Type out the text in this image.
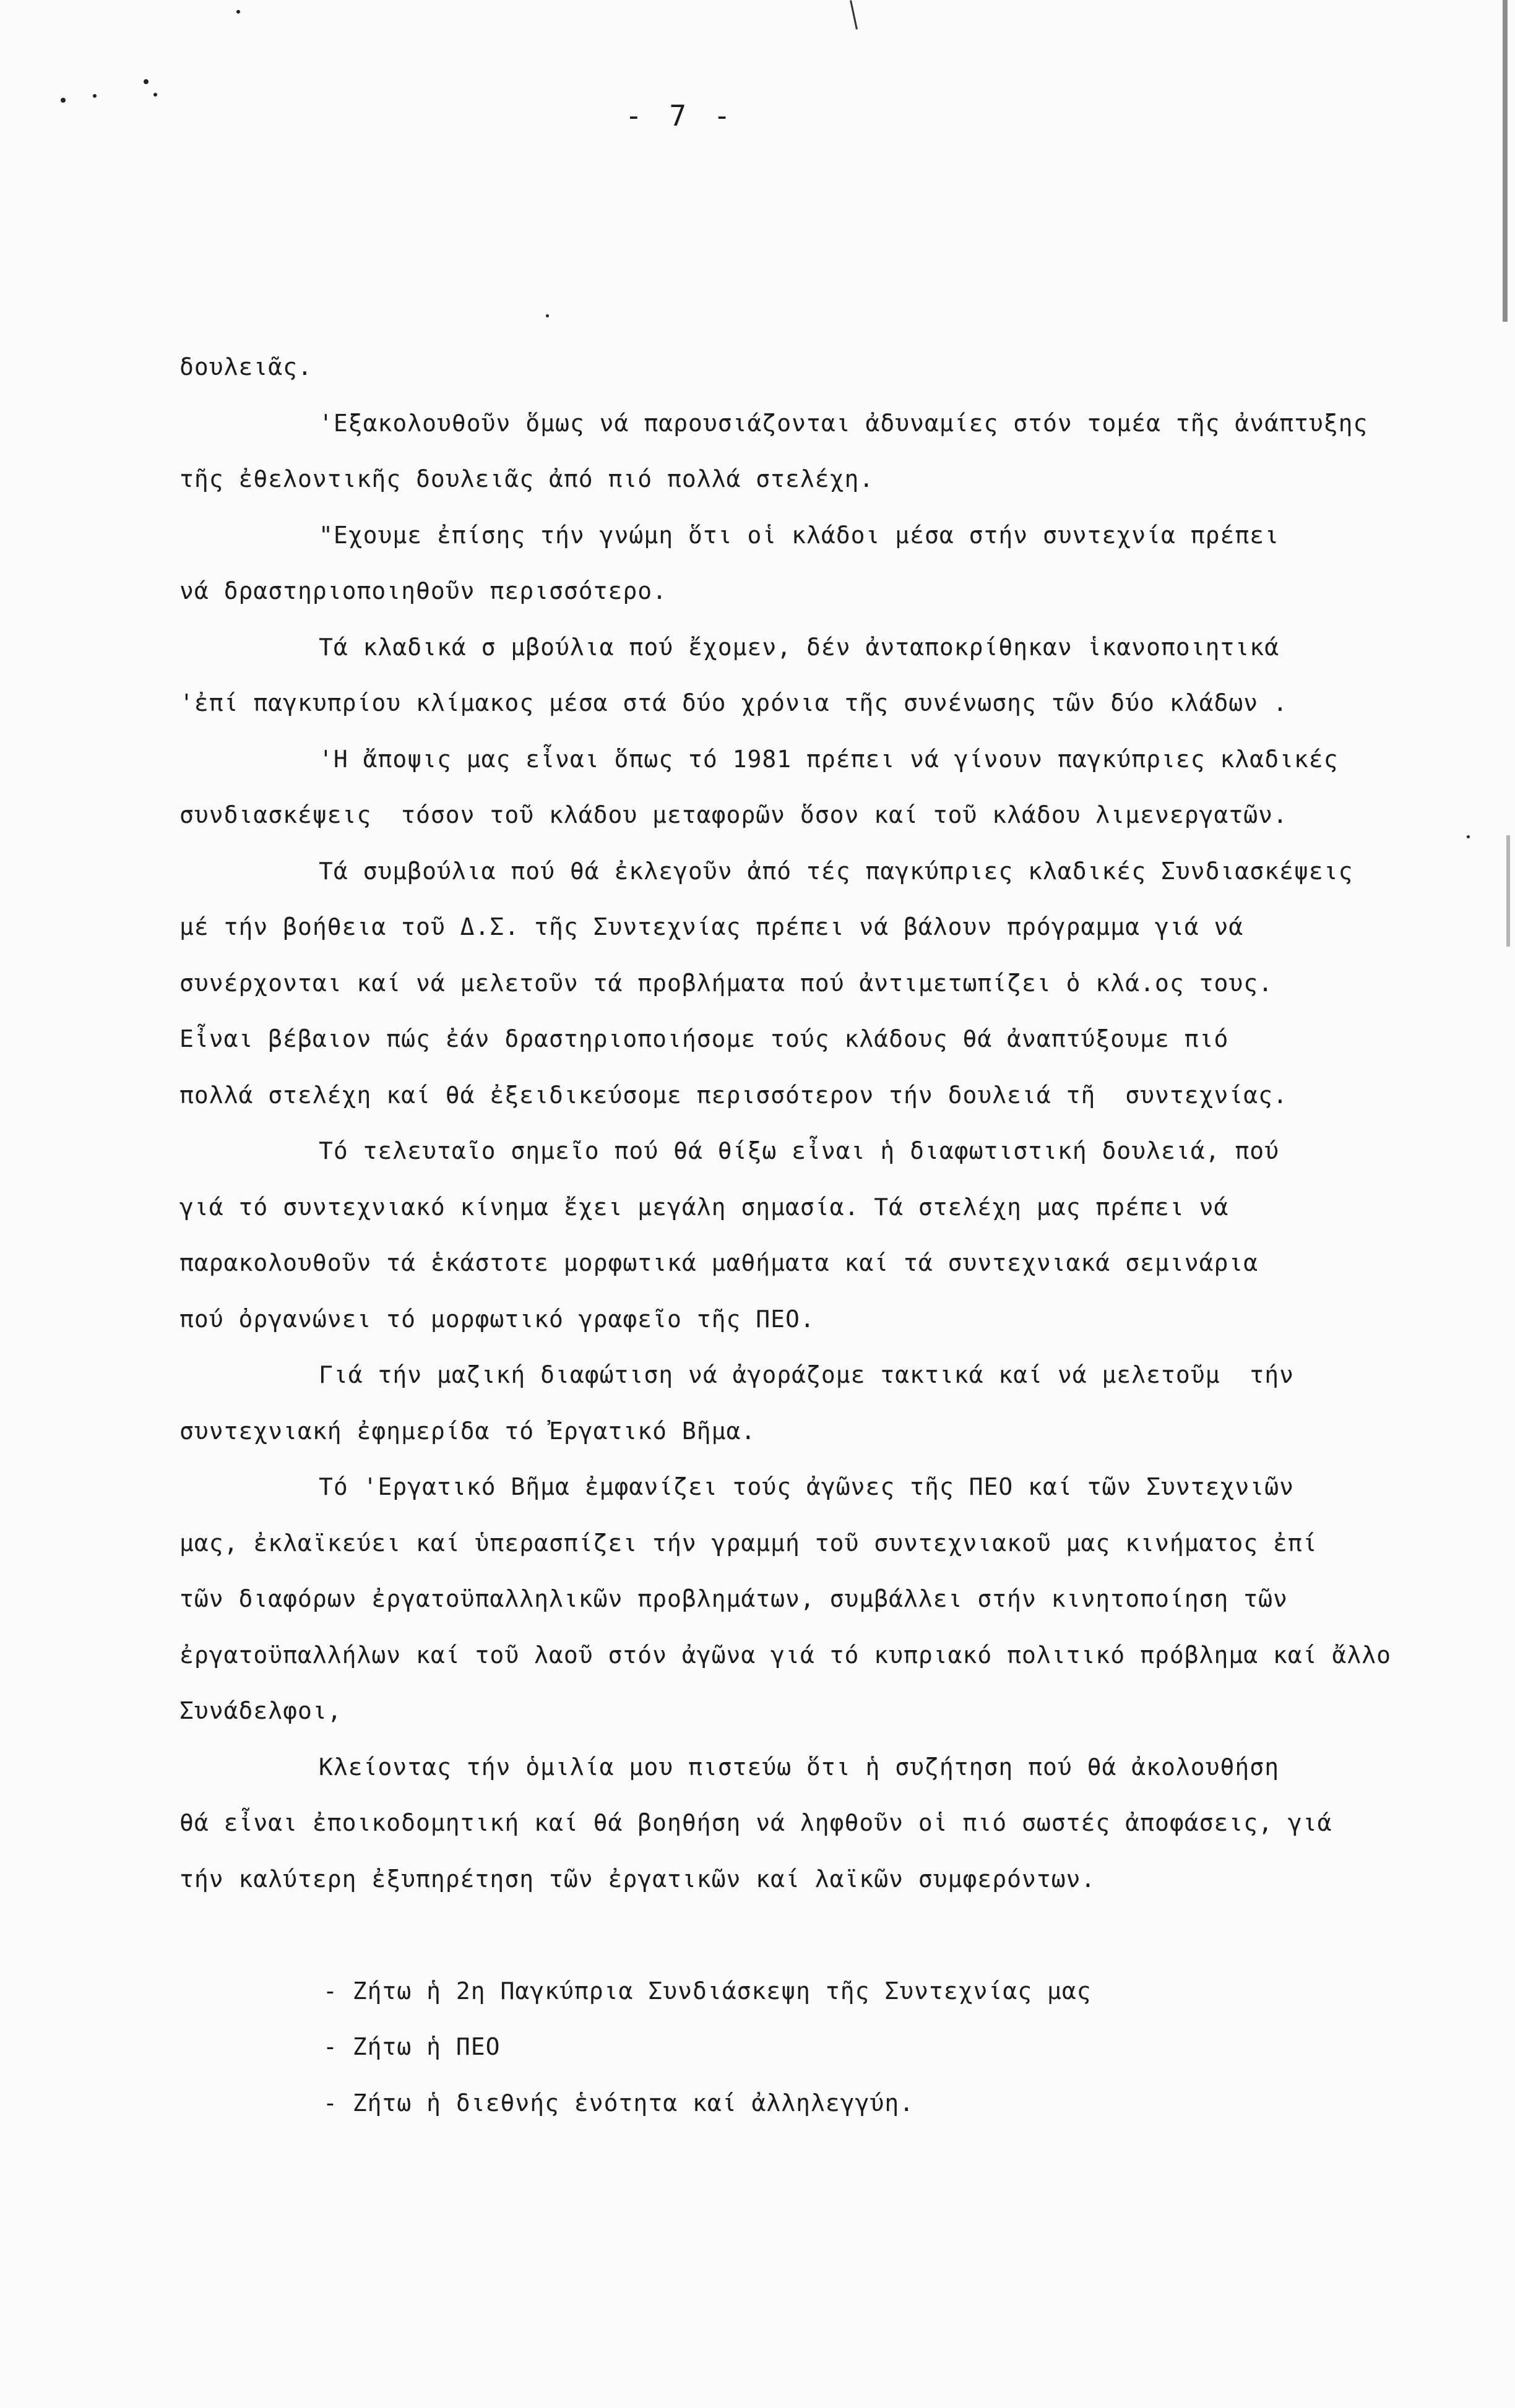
- 7 -
δουλειᾶς.
'Εξακολουθοῦν ὅμως νά παρουσιάζονται ἀδυναμίες στόν τομέα τῆς ἀνάπτυξης
τῆς ἐθελοντικῆς δουλειᾶς ἀπό πιό πολλά στελέχη.
"Εχουμε ἐπίσης τήν γνώμη ὅτι οἱ κλάδοι μέσα στήν συντεχνία πρέπει
νά δραστηριοποιηθοῦν περισσότερο.
Τά κλαδικά σ μβούλια πού ἔχομεν, δέν ἀνταποκρίθηκαν ἱκανοποιητικά
'ἐπί παγκυπρίου κλίμακος μέσα στά δύο χρόνια τῆς συνένωσης τῶν δύο κλάδων .
'Η ἄποψις μας εἶναι ὅπως τό 1981 πρέπει νά γίνουν παγκύπριες κλαδικές
συνδιασκέψεις  τόσον τοῦ κλάδου μεταφορῶν ὅσον καί τοῦ κλάδου λιμενεργατῶν.
Τά συμβούλια πού θά ἐκλεγοῦν ἀπό τές παγκύπριες κλαδικές Συνδιασκέψεις
μέ τήν βοήθεια τοῦ Δ.Σ. τῆς Συντεχνίας πρέπει νά βάλουν πρόγραμμα γιά νά
συνέρχονται καί νά μελετοῦν τά προβλήματα πού ἀντιμετωπίζει ὁ κλά.ος τους.
Εἶναι βέβαιον πώς ἐάν δραστηριοποιήσομε τούς κλάδους θά ἀναπτύξουμε πιό
πολλά στελέχη καί θά ἐξειδικεύσομε περισσότερον τήν δουλειά τῆ  συντεχνίας.
Τό τελευταῖο σημεῖο πού θά θίξω εἶναι ἡ διαφωτιστική δουλειά, πού
γιά τό συντεχνιακό κίνημα ἔχει μεγάλη σημασία. Τά στελέχη μας πρέπει νά
παρακολουθοῦν τά ἑκάστοτε μορφωτικά μαθήματα καί τά συντεχνιακά σεμινάρια
πού ὀργανώνει τό μορφωτικό γραφεῖο τῆς ΠΕΟ.
Γιά τήν μαζική διαφώτιση νά ἀγοράζομε τακτικά καί νά μελετοῦμ  τήν
συντεχνιακή ἐφημερίδα τό Ἐργατικό Βῆμα.
Τό 'Εργατικό Βῆμα ἐμφανίζει τούς ἀγῶνες τῆς ΠΕΟ καί τῶν Συντεχνιῶν
μας, ἐκλαϊκεύει καί ὑπερασπίζει τήν γραμμή τοῦ συντεχνιακοῦ μας κινήματος ἐπί
τῶν διαφόρων ἐργατοϋπαλληλικῶν προβλημάτων, συμβάλλει στήν κινητοποίηση τῶν
ἐργατοϋπαλλήλων καί τοῦ λαοῦ στόν ἀγῶνα γιά τό κυπριακό πολιτικό πρόβλημα καί ἄλλο
Συνάδελφοι,
Κλείοντας τήν ὁμιλία μου πιστεύω ὅτι ἡ συζήτηση πού θά ἀκολουθήση
θά εἶναι ἐποικοδομητική καί θά βοηθήση νά ληφθοῦν οἱ πιό σωστές ἀποφάσεις, γιά
τήν καλύτερη ἐξυπηρέτηση τῶν ἐργατικῶν καί λαϊκῶν συμφερόντων.
- Ζήτω ἡ 2η Παγκύπρια Συνδιάσκεψη τῆς Συντεχνίας μας
- Ζήτω ἡ ΠΕΟ
- Ζήτω ἡ διεθνής ἑνότητα καί ἀλληλεγγύη.
